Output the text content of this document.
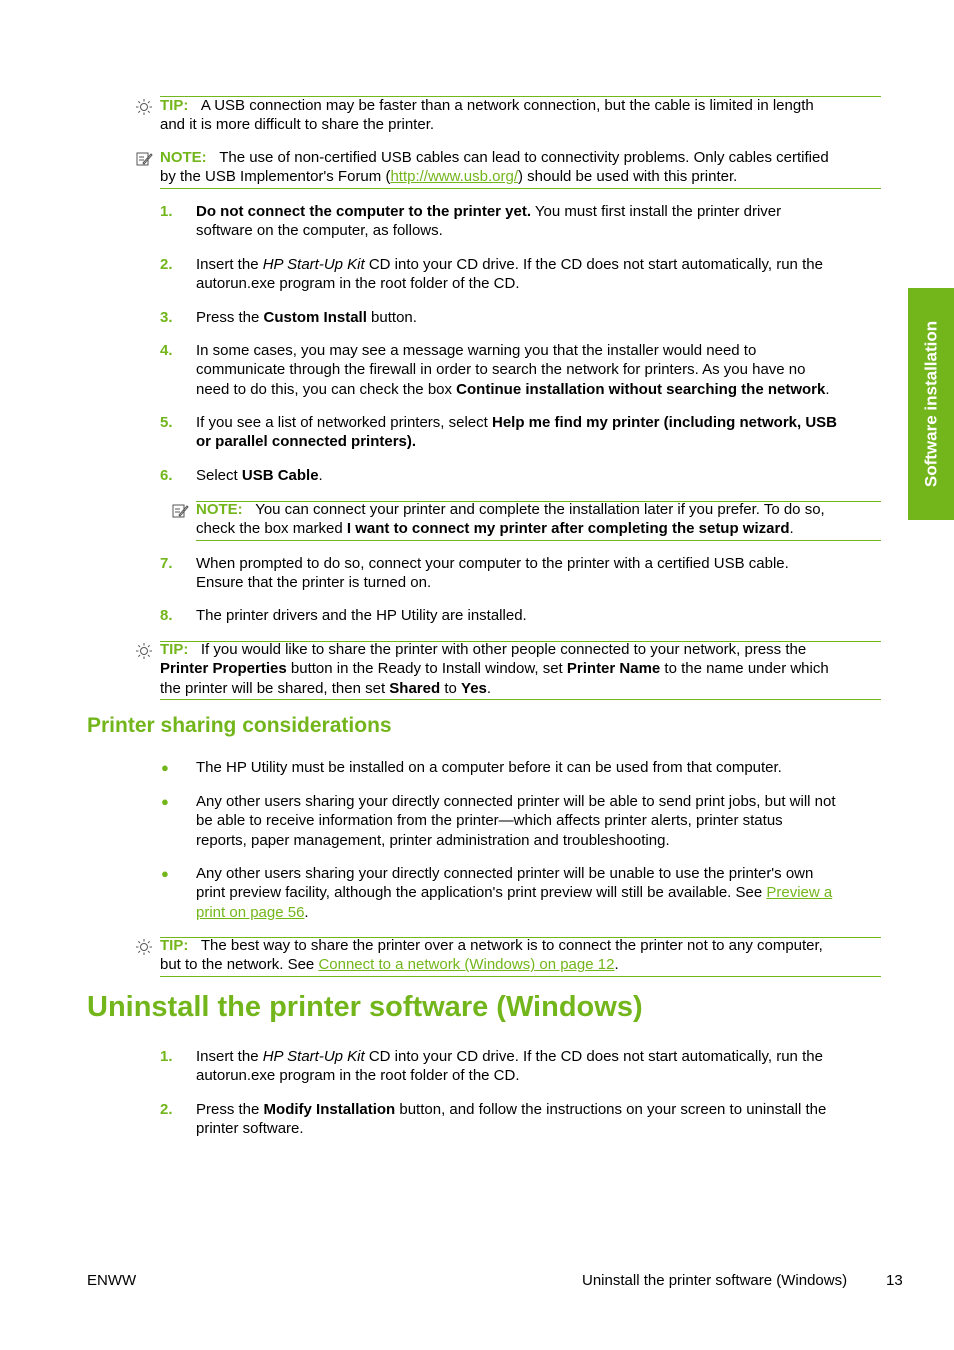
Software installation
TIP: A USB connection may be faster than a network connection, but the cable is limited in length
and it is more difficult to share the printer.
NOTE: The use of non-certified USB cables can lead to connectivity problems. Only cables certified
by the USB Implementor's Forum (http://www.usb.org/) should be used with this printer.
1.	Do not connect the computer to the printer yet. You must first install the printer driver
software on the computer, as follows.
2.	Insert the HP Start-Up Kit CD into your CD drive. If the CD does not start automatically, run the
autorun.exe program in the root folder of the CD.
3.	Press the Custom Install button.
4.	In some cases, you may see a message warning you that the installer would need to
communicate through the firewall in order to search the network for printers. As you have no
need to do this, you can check the box Continue installation without searching the network.
5.	If you see a list of networked printers, select Help me find my printer (including network, USB
or parallel connected printers).
6.	Select USB Cable.
NOTE: You can connect your printer and complete the installation later if you prefer. To do so,
check the box marked I want to connect my printer after completing the setup wizard.
7.	When prompted to do so, connect your computer to the printer with a certified USB cable.
Ensure that the printer is turned on.
8.	The printer drivers and the HP Utility are installed.
TIP: If you would like to share the printer with other people connected to your network, press the
Printer Properties button in the Ready to Install window, set Printer Name to the name under which
the printer will be shared, then set Shared to Yes.
Printer sharing considerations
● The HP Utility must be installed on a computer before it can be used from that computer.
● Any other users sharing your directly connected printer will be able to send print jobs, but will not
be able to receive information from the printer—which affects printer alerts, printer status
reports, paper management, printer administration and troubleshooting.
● Any other users sharing your directly connected printer will be unable to use the printer's own
print preview facility, although the application's print preview will still be available. See Preview a
print on page 56.
TIP: The best way to share the printer over a network is to connect the printer not to any computer,
but to the network. See Connect to a network (Windows) on page 12.
Uninstall the printer software (Windows)
1.	Insert the HP Start-Up Kit CD into your CD drive. If the CD does not start automatically, run the
autorun.exe program in the root folder of the CD.
2.	Press the Modify Installation button, and follow the instructions on your screen to uninstall the
printer software.
ENWW	Uninstall the printer software (Windows)	13
